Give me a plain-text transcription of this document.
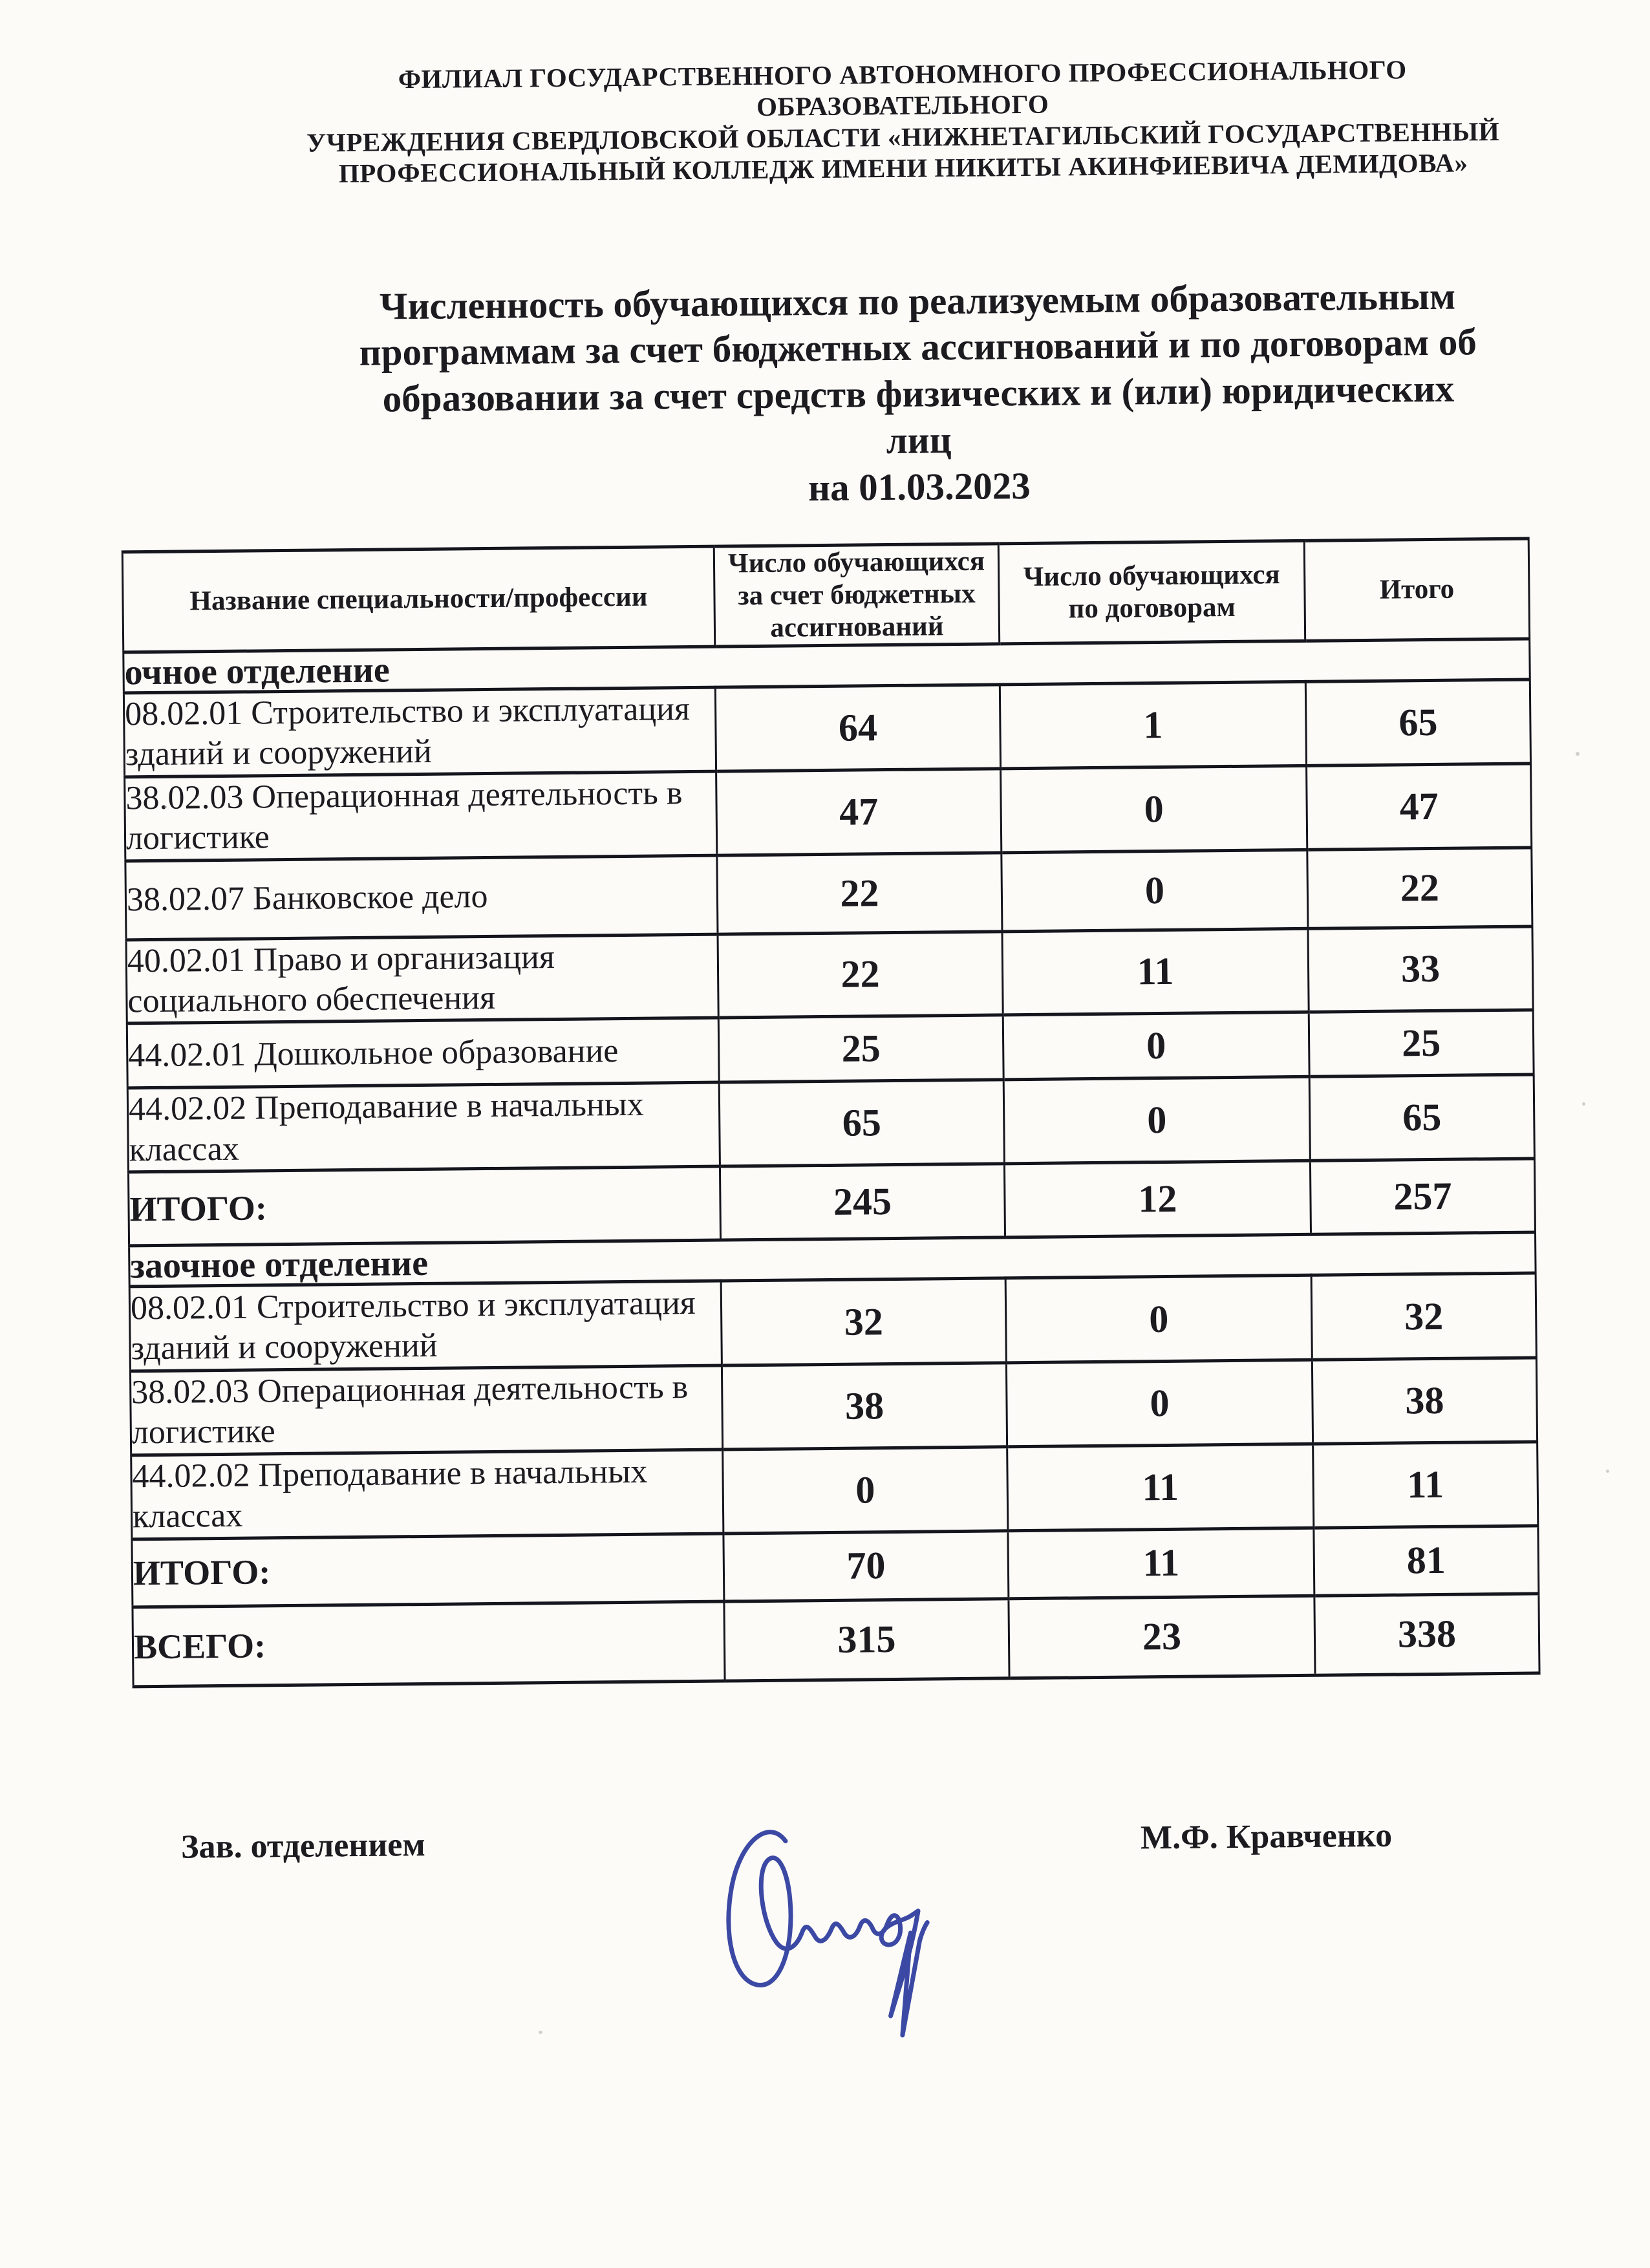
ФИЛИАЛ ГОСУДАРСТВЕННОГО АВТОНОМНОГО ПРОФЕССИОНАЛЬНОГО ОБРАЗОВАТЕЛЬНОГО
УЧРЕЖДЕНИЯ СВЕРДЛОВСКОЙ ОБЛАСТИ «НИЖНЕТАГИЛЬСКИЙ ГОСУДАРСТВЕННЫЙ
ПРОФЕССИОНАЛЬНЫЙ КОЛЛЕДЖ ИМЕНИ НИКИТЫ АКИНФИЕВИЧА ДЕМИДОВА»
Численность обучающихся по реализуемым образовательным
программам за счет бюджетных ассигнований и по договорам об
образовании за счет средств физических и (или) юридических лиц
на 01.03.2023
Название специальности/профессии	Число обучающихся
за счет бюджетных
ассигнований	Число обучающихся
по договорам	Итого
очное отделение			
08.02.01 Строительство и эксплуатация
зданий и сооружений	64	1	65
38.02.03 Операционная деятельность в
логистике	47	0	47
38.02.07 Банковское дело	22	0	22
40.02.01 Право и организация
социального обеспечения	22	11	33
44.02.01 Дошкольное образование	25	0	25
44.02.02 Преподавание в начальных
классах	65	0	65
ИТОГО:	245	12	257
заочное отделение			
08.02.01 Строительство и эксплуатация
зданий и сооружений	32	0	32
38.02.03 Операционная деятельность в
логистике	38	0	38
44.02.02 Преподавание в начальных
классах	0	11	11
ИТОГО:	70	11	81
ВСЕГО:	315	23	338
Зав. отделением	М.Ф. Кравченко
